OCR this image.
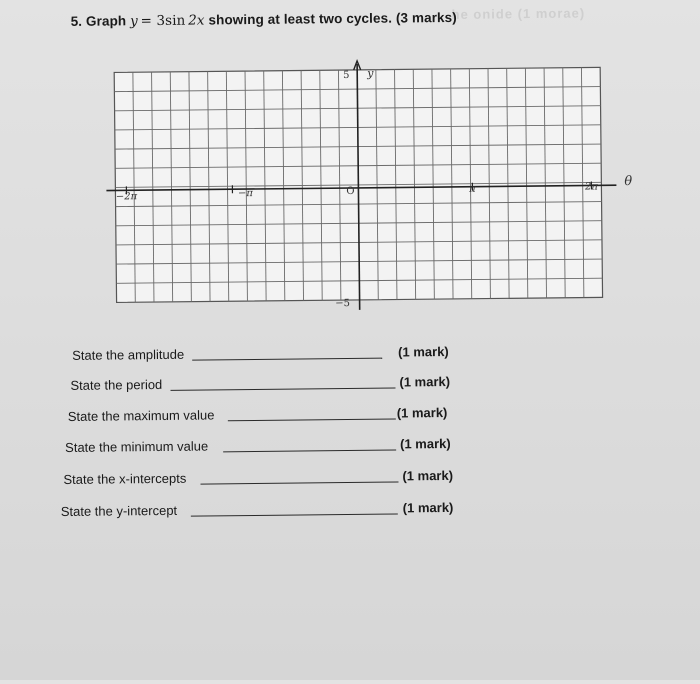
he onide (1 morae)
5. Graph y  = 3sin  2x showing at least two cycles. (3 marks)
−2π	−π	O	π	2π θ
y
5
−5
State the amplitude	(1 mark)
State the period	(1 mark)
State the maximum value	(1 mark)
State the minimum value	(1 mark)
State the x-intercepts	(1 mark)
State the y-intercept	(1 mark)
